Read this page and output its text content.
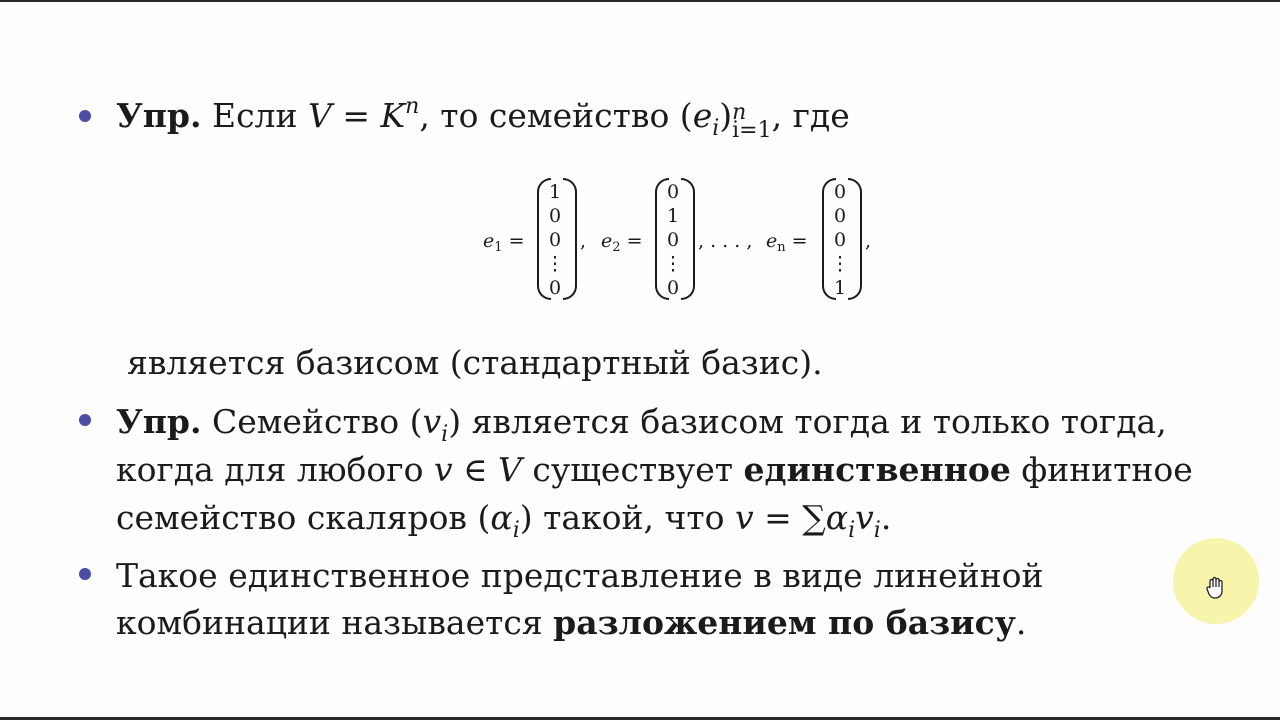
Упр. Если $V = K^n$, то семейство $(e_i)$ n
i=1 , где
$e_1$ =
1
0
0
⋮
0
, $e_2$ =
0
1
0
⋮
0
, . . . , $e_n$ =
0
0
0
⋮
1
,
является базисом (стандартный базис).
Упр. Семейство $(v_i)$ является базисом тогда и только тогда,
когда для любого v ∈ V существует единственное финитное
семейство скаляров $(\alpha_i)$ такой, что $v = \sum\alpha_iv_i$.
Такое единственное представление в виде линейной
комбинации называется разложением по базису.
